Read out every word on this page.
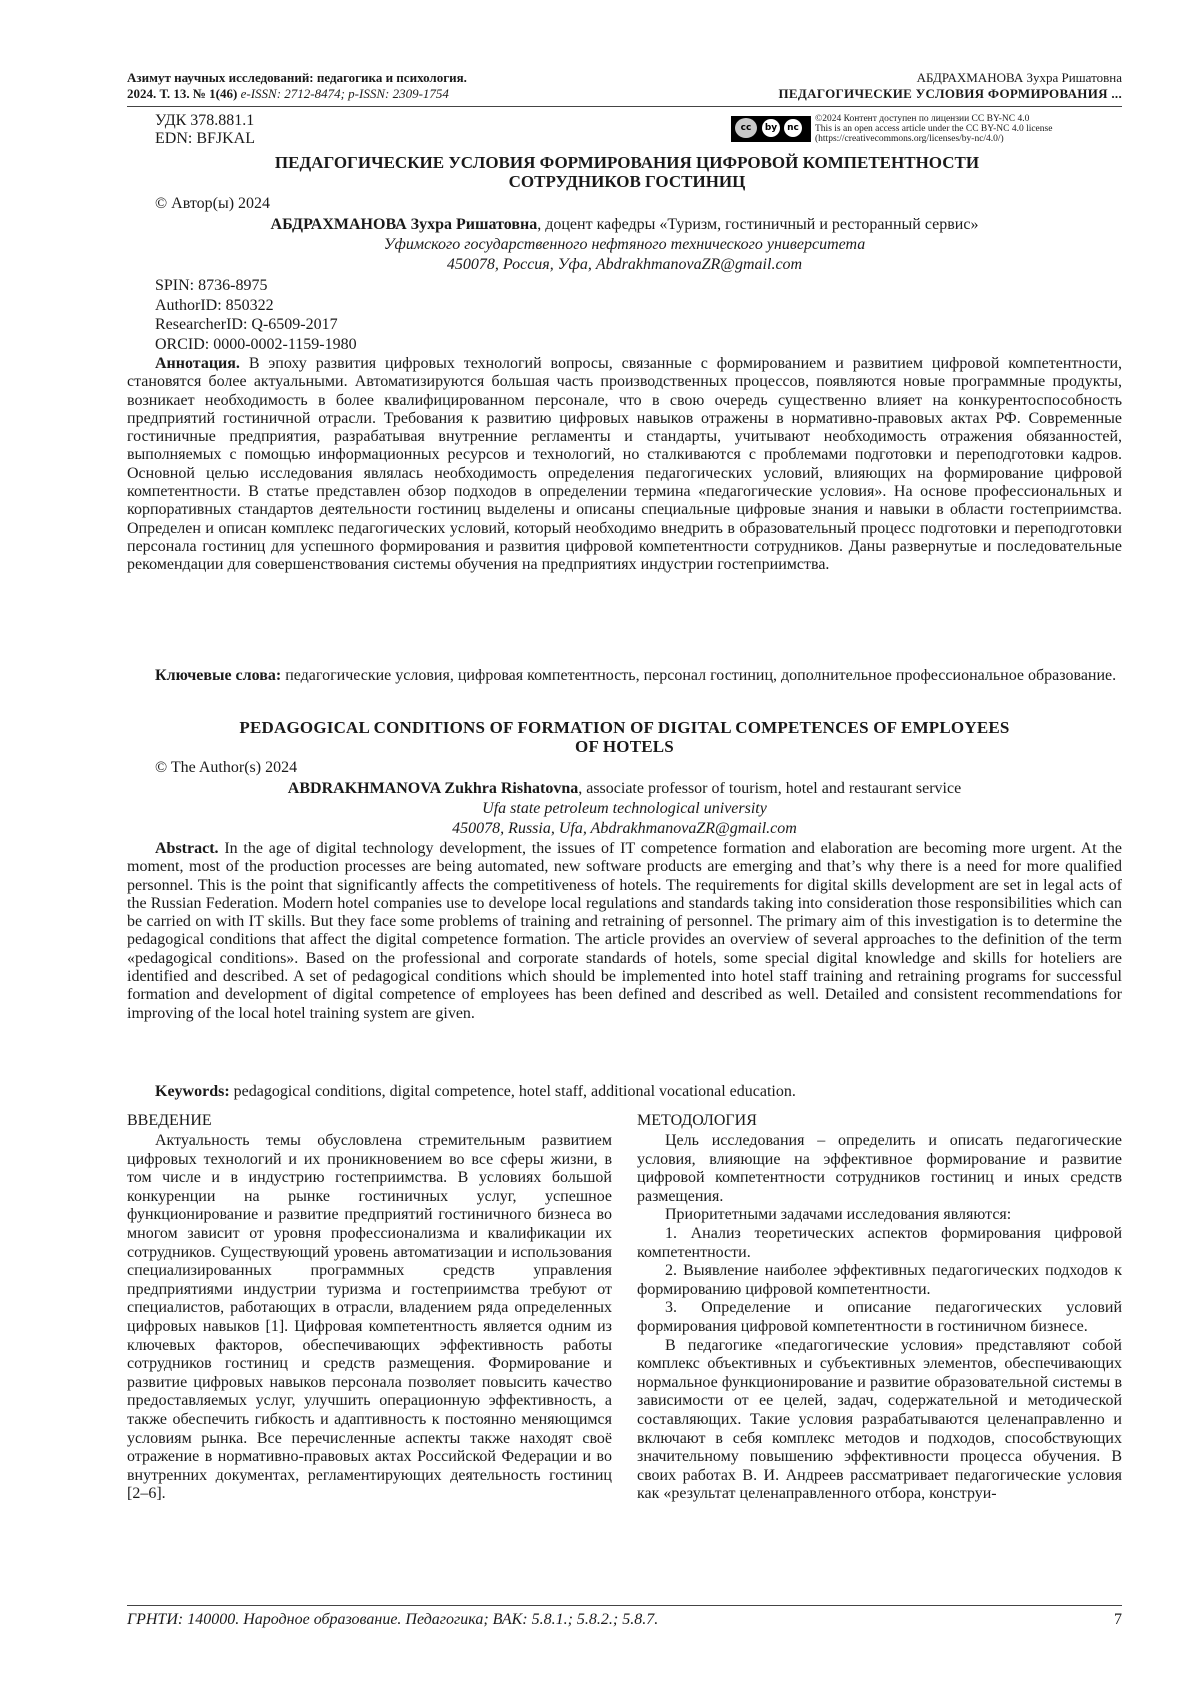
Азимут научных исследований: педагогика и психология.
2024. Т. 13. № 1(46) e-ISSN: 2712-8474; p-ISSN: 2309-1754
АБДРАХМАНОВА Зухра Ришатовна
ПЕДАГОГИЧЕСКИЕ УСЛОВИЯ ФОРМИРОВАНИЯ ...
УДК 378.881.1
EDN: BFJKAL
cc	by	nc
©2024 Контент доступен по лицензии CC BY-NC 4.0
This is an open access article under the CC BY-NC 4.0 license
(https://creativecommons.org/licenses/by-nc/4.0/)
ПЕДАГОГИЧЕСКИЕ УСЛОВИЯ ФОРМИРОВАНИЯ ЦИФРОВОЙ КОМПЕТЕНТНОСТИ
СОТРУДНИКОВ ГОСТИНИЦ
© Автор(ы) 2024
АБДРАХМАНОВА Зухра Ришатовна, доцент кафедры «Туризм, гостиничный и ресторанный сервис»
Уфимского государственного нефтяного технического университета
450078, Россия, Уфа, AbdrakhmanovaZR@gmail.com
SPIN: 8736-8975
AuthorID: 850322
ResearcherID: Q-6509-2017
ORCID: 0000-0002-1159-1980
Аннотация. В эпоху развития цифровых технологий вопросы, связанные с формированием и развитием цифровой компетентности, становятся более актуальными. Автоматизируются большая часть производственных процессов, появляются новые программные продукты, возникает необходимость в более квалифицированном персонале, что в свою очередь существенно влияет на конкурентоспособность предприятий гостиничной отрасли. Требования к развитию цифровых навыков отражены в нормативно-правовых актах РФ. Современные гостиничные предприятия, разрабатывая внутренние регламенты и стандарты, учитывают необходимость отражения обязанностей, выполняемых с помощью информационных ресурсов и технологий, но сталкиваются с проблемами подготовки и переподготовки кадров. Основной целью исследования являлась необходимость определения педагогических условий, влияющих на формирование цифровой компетентности. В статье представлен обзор подходов в определении термина «педагогические условия». На основе профессиональных и корпоративных стандартов деятельности гостиниц выделены и описаны специальные цифровые знания и навыки в области гостеприимства. Определен и описан комплекс педагогических условий, который необходимо внедрить в образовательный процесс подготовки и переподготовки персонала гостиниц для успешного формирования и развития цифровой компетентности сотрудников. Даны развернутые и последовательные рекомендации для совершенствования системы обучения на предприятиях индустрии гостеприимства.
Ключевые слова: педагогические условия, цифровая компетентность, персонал гостиниц, дополнительное профессиональное образование.
PEDAGOGICAL CONDITIONS OF FORMATION OF DIGITAL COMPETENCES OF EMPLOYEES
OF HOTELS
© The Author(s) 2024
ABDRAKHMANOVA Zukhra Rishatovna, associate professor of tourism, hotel and restaurant service
Ufa state petroleum technological university
450078, Russia, Ufa, AbdrakhmanovaZR@gmail.com
Abstract. In the age of digital technology development, the issues of IT competence formation and elaboration are becoming more urgent. At the moment, most of the production processes are being automated, new software products are emerging and that’s why there is a need for more qualified personnel. This is the point that significantly affects the competitiveness of hotels. The requirements for digital skills development are set in legal acts of the Russian Federation. Modern hotel companies use to develope local regulations and standards taking into consideration those responsibilities which can be carried on with IT skills. But they face some problems of training and retraining of personnel. The primary aim of this investigation is to determine the pedagogical conditions that affect the digital competence formation. The article provides an overview of several approaches to the definition of the term «pedagogical conditions». Based on the professional and corporate standards of hotels, some special digital knowledge and skills for hoteliers are identified and described. A set of pedagogical conditions which should be implemented into hotel staff training and retraining programs for successful formation and development of digital competence of employees has been defined and described as well. Detailed and consistent recommendations for improving of the local hotel training system are given.
Keywords: pedagogical conditions, digital competence, hotel staff, additional vocational education.
ВВЕДЕНИЕ

Актуальность темы обусловлена стремительным развитием цифровых технологий и их проникновением во все сферы жизни, в том числе и в индустрию гостеприимства. В условиях большой конкуренции на рынке гостиничных услуг, успешное функционирование и развитие предприятий гостиничного бизнеса во многом зависит от уровня профессионализма и квалификации их сотрудников. Существующий уровень автоматизации и использования специализированных программных средств управления предприятиями индустрии туризма и гостеприимства требуют от специалистов, работающих в отрасли, владением ряда определенных цифровых навыков [1]. Цифровая компетентность является одним из ключевых факторов, обеспечивающих эффективность работы сотрудников гостиниц и средств размещения. Формирование и развитие цифровых навыков персонала позволяет повысить качество предоставляемых услуг, улучшить операционную эффективность, а также обеспечить гибкость и адаптивность к постоянно меняющимся условиям рынка. Все перечисленные аспекты также находят своё отражение в нормативно-правовых актах Российской Федерации и во внутренних документах, регламентирующих деятельность гостиниц [2–6].

МЕТОДОЛОГИЯ

Цель исследования – определить и описать педагогические условия, влияющие на эффективное формирование и развитие цифровой компетентности сотрудников гостиниц и иных средств размещения.

Приоритетными задачами исследования являются:

1. Анализ теоретических аспектов формирования цифровой компетентности.

2. Выявление наиболее эффективных педагогических подходов к формированию цифровой компетентности.

3. Определение и описание педагогических условий формирования цифровой компетентности в гостиничном бизнесе.

В педагогике «педагогические условия» представляют собой комплекс объективных и субъективных элементов, обеспечивающих нормальное функционирование и развитие образовательной системы в зависимости от ее целей, задач, содержательной и методической составляющих. Такие условия разрабатываются целенаправленно и включают в себя комплекс методов и подходов, способствующих значительному повышению эффективности процесса обучения. В своих работах В. И. Андреев рассматривает педагогические условия как «результат целенаправленного отбора, конструи-

ГРНТИ: 140000. Народное образование. Педагогика; ВАК: 5.8.1.; 5.8.2.; 5.8.7.	7
